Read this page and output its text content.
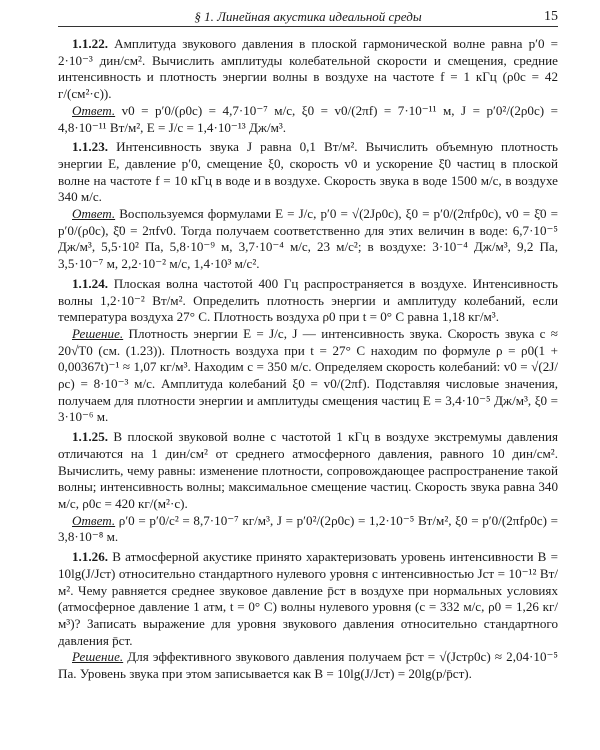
§ 1. Линейная акустика идеальной среды	15

1.1.22. Амплитуда звукового давления в плоской гармонической волне равна p′0 = 2·10⁻³ дин/см². Вычислить амплитуды колебательной скорости и смещения, средние интенсивность и плотность энергии волны в воздухе на частоте f = 1 кГц (ρ0c = 42 г/(см²·с)).

Ответ. v0 = p′0/(ρ0c) = 4,7·10⁻⁷ м/с, ξ0 = v0/(2πf) = 7·10⁻¹¹ м, J = p′0²/(2ρ0c) = 4,8·10⁻¹¹ Вт/м², E = J/c = 1,4·10⁻¹³ Дж/м³.

1.1.23. Интенсивность звука J равна 0,1 Вт/м². Вычислить объемную плотность энергии E, давление p′0, смещение ξ0, скорость v0 и ускорение ξ̈0 частиц в плоской волне на частоте f = 10 кГц в воде и в воздухе. Скорость звука в воде 1500 м/с, в воздухе 340 м/с.

Ответ. Воспользуемся формулами E = J/c, p′0 = √(2Jρ0c), ξ0 = p′0/(2πfρ0c), v0 = ξ̇0 = p′0/(ρ0c), ξ̈0 = 2πfv0. Тогда получаем соответственно для этих величин в воде: 6,7·10⁻⁵ Дж/м³, 5,5·10² Па, 5,8·10⁻⁹ м, 3,7·10⁻⁴ м/с, 23 м/с²; в воздухе: 3·10⁻⁴ Дж/м³, 9,2 Па, 3,5·10⁻⁷ м, 2,2·10⁻² м/с, 1,4·10³ м/с².

1.1.24. Плоская волна частотой 400 Гц распространяется в воздухе. Интенсивность волны 1,2·10⁻² Вт/м². Определить плотность энергии и амплитуду колебаний, если температура воздуха 27° С. Плотность воздуха ρ0 при t = 0° С равна 1,18 кг/м³.

Решение. Плотность энергии E = J/c, J — интенсивность звука. Скорость звука c ≈ 20√T0 (см. (1.23)). Плотность воздуха при t = 27° С находим по формуле ρ = ρ0(1 + 0,00367t)⁻¹ ≈ 1,07 кг/м³. Находим c = 350 м/с. Определяем скорость колебаний: v0 = √(2J/ρc) = 8·10⁻³ м/с. Амплитуда колебаний ξ0 = v0/(2πf). Подставляя числовые значения, получаем для плотности энергии и амплитуды смещения частиц E = 3,4·10⁻⁵ Дж/м³, ξ0 = 3·10⁻⁶ м.

1.1.25. В плоской звуковой волне с частотой 1 кГц в воздухе экстремумы давления отличаются на 1 дин/см² от среднего атмосферного давления, равного 10 дин/см². Вычислить, чему равны: изменение плотности, сопровождающее распространение такой волны; интенсивность волны; максимальное смещение частиц. Скорость звука равна 340 м/с, ρ0c = 420 кг/(м²·с).

Ответ. ρ′0 = p′0/c² = 8,7·10⁻⁷ кг/м³, J = p′0²/(2ρ0c) = 1,2·10⁻⁵ Вт/м², ξ0 = p′0/(2πfρ0c) = 3,8·10⁻⁸ м.

1.1.26. В атмосферной акустике принято характеризовать уровень интенсивности B = 10lg(J/Jст) относительно стандартного нулевого уровня с интенсивностью Jст = 10⁻¹² Вт/м². Чему равняется среднее звуковое давление p̄ст в воздухе при нормальных условиях (атмосферное давление 1 атм, t = 0° С) волны нулевого уровня (c = 332 м/с, ρ0 = 1,26 кг/м³)? Записать выражение для уровня звукового давления относительно стандартного давления p̄ст.

Решение. Для эффективного звукового давления получаем p̄ст = √(Jстρ0c) ≈ 2,04·10⁻⁵ Па. Уровень звука при этом записывается как B = 10lg(J/Jст) = 20lg(p/p̄ст).
